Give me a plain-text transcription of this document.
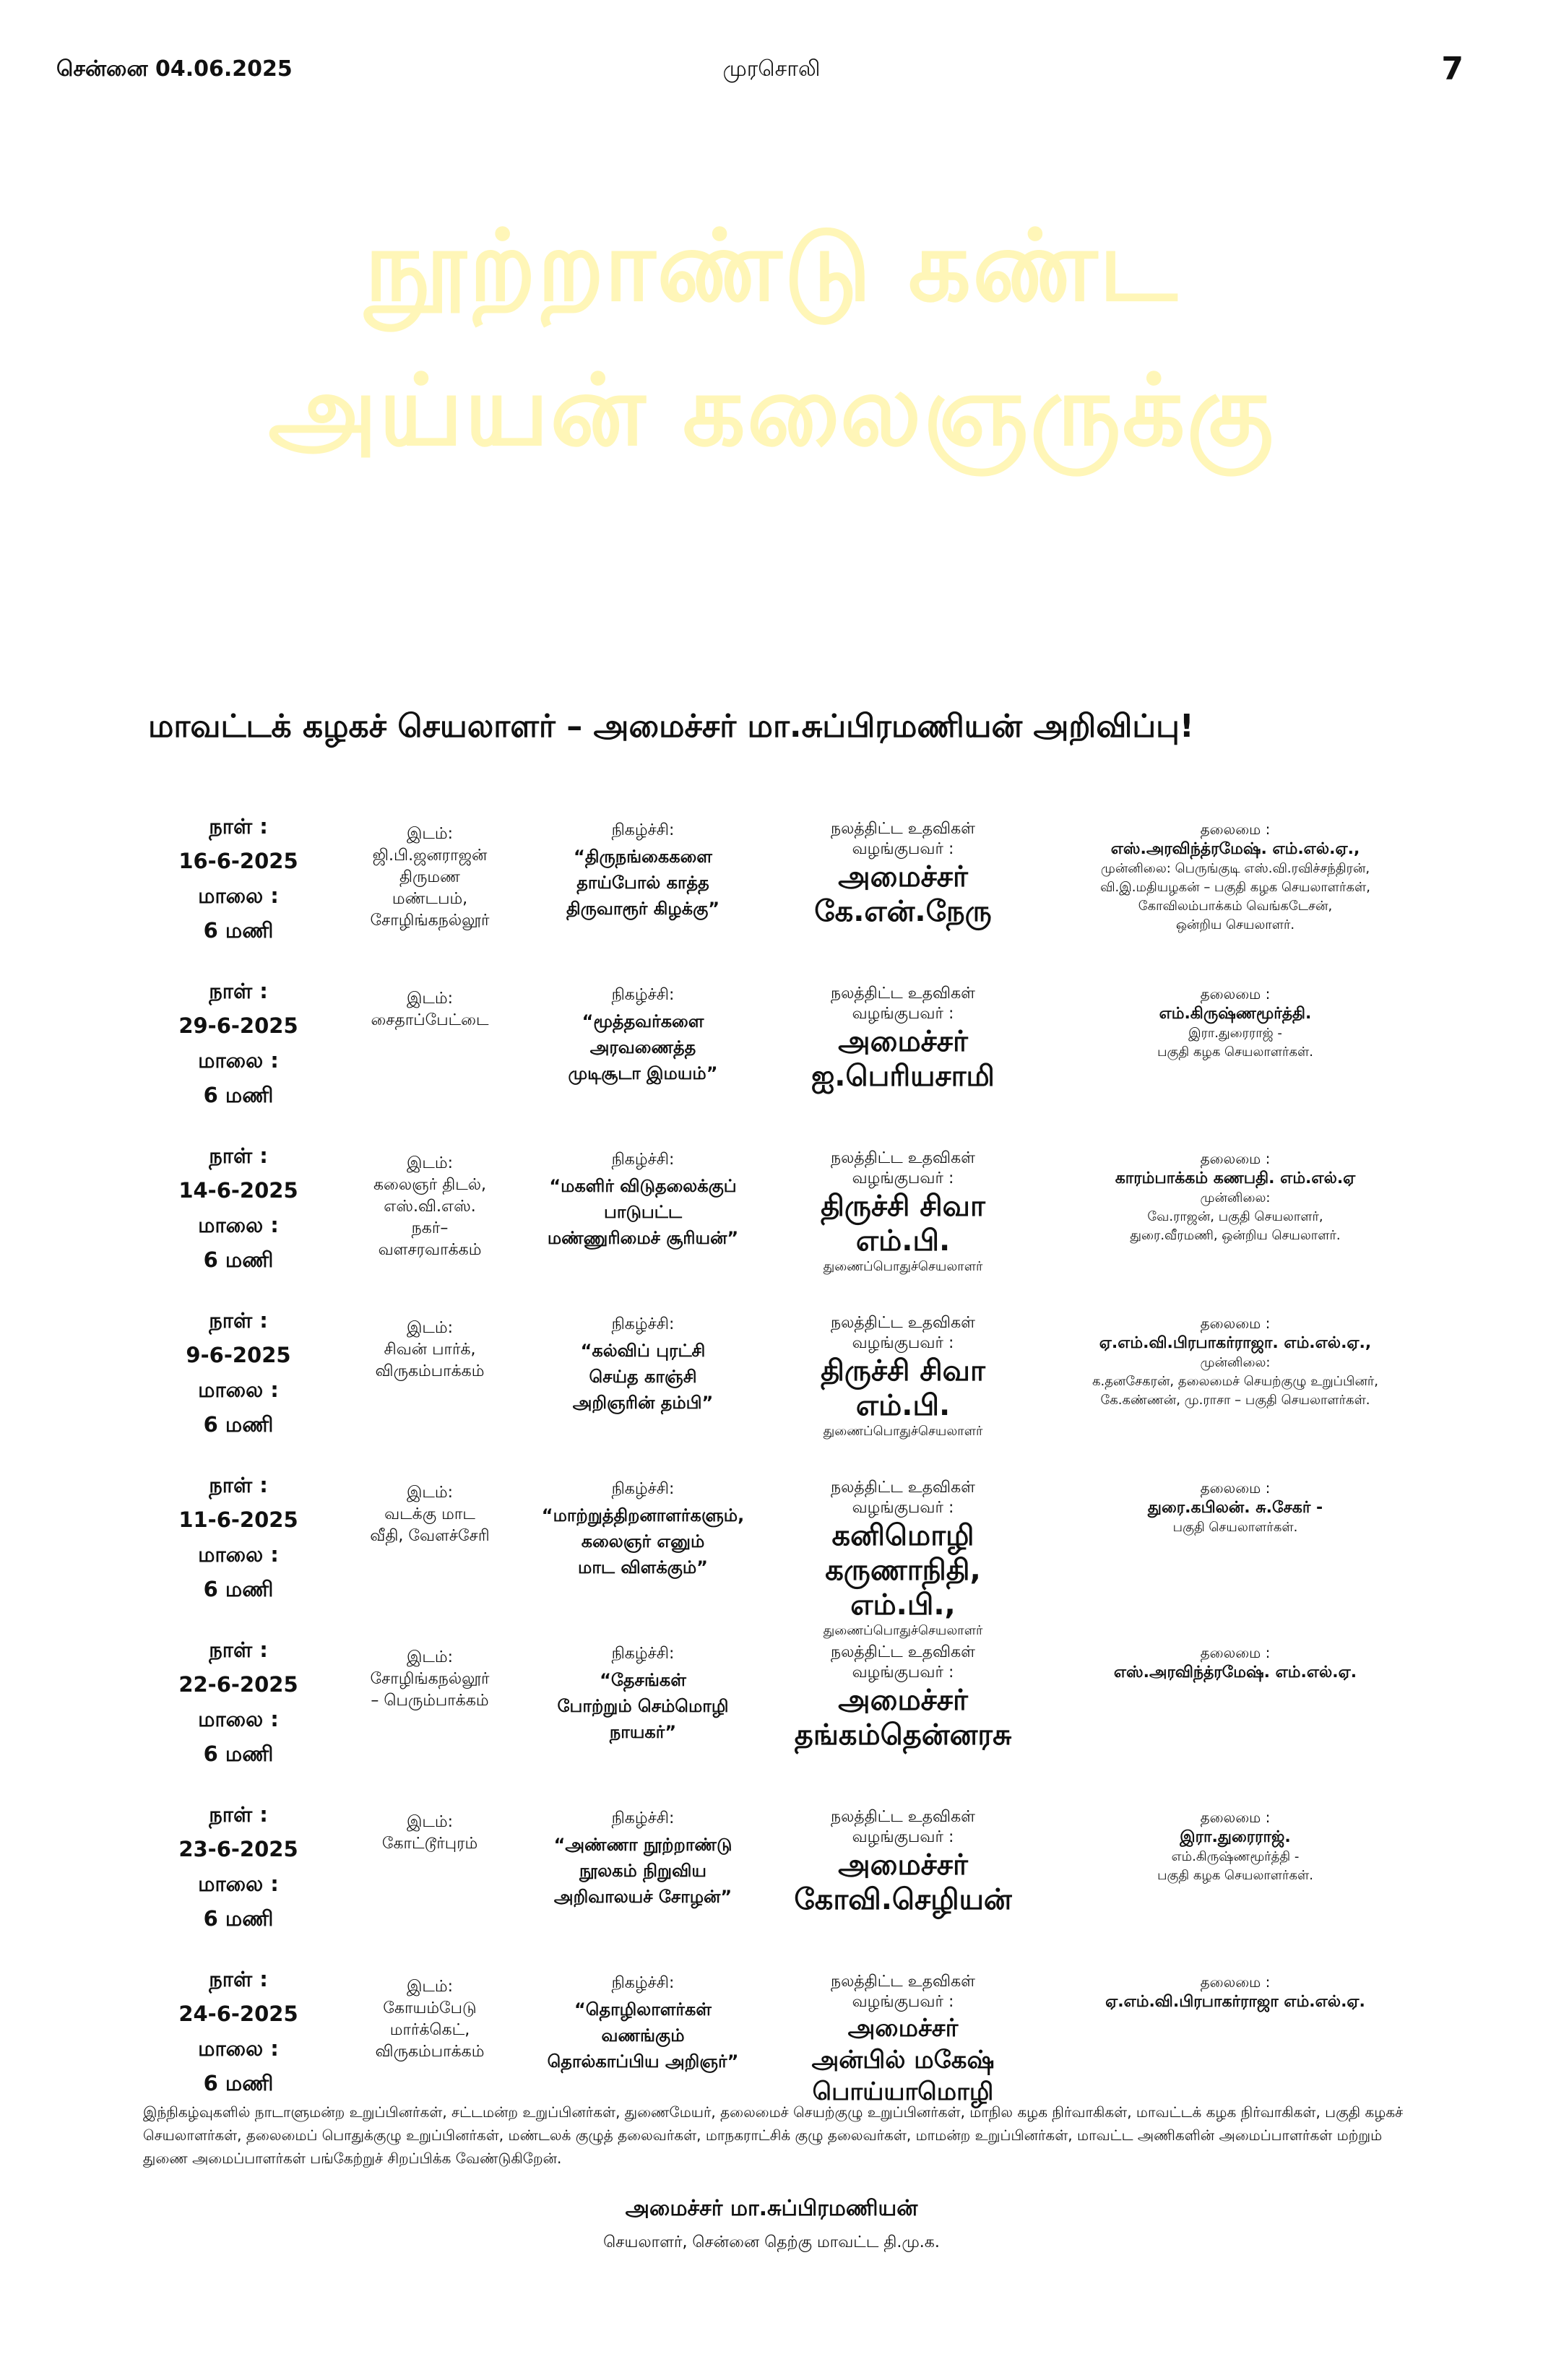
சென்னை 04.06.2025	முரசொலி	7
நூற்றாண்டு கண்ட
அய்யன் கலைஞருக்கு
மாவட்டக் கழகச் செயலாளர் – அமைச்சர் மா.சுப்பிரமணியன் அறிவிப்பு!
நாள் :
16-6-2025
மாலை :
6 மணி
இடம்:
ஜி.பி.ஜனராஜன்
திருமண
மண்டபம்,
சோழிங்கநல்லூர்
நிகழ்ச்சி:
“திருநங்கைகளை
தாய்போல் காத்த
திருவாரூர் கிழக்கு”
நலத்திட்ட உதவிகள்
வழங்குபவர் :
அமைச்சர்
கே.என்.நேரு
தலைமை :
எஸ்.அரவிந்த்ரமேஷ். எம்.எல்.ஏ.,
முன்னிலை: பெருங்குடி எஸ்.வி.ரவிச்சந்திரன்,
வி.இ.மதியழகன் – பகுதி கழக செயலாளர்கள்,
கோவிலம்பாக்கம் வெங்கடேசன்,
ஒன்றிய செயலாளர்.
நாள் :
29-6-2025
மாலை :
6 மணி
இடம்:
சைதாப்பேட்டை
நிகழ்ச்சி:
“மூத்தவர்களை
அரவணைத்த
முடிசூடா இமயம்”
நலத்திட்ட உதவிகள்
வழங்குபவர் :
அமைச்சர்
ஐ.பெரியசாமி
தலைமை :
எம்.கிருஷ்ணமூர்த்தி.
இரா.துரைராஜ் -
பகுதி கழக செயலாளர்கள்.
நாள் :
14-6-2025
மாலை :
6 மணி
இடம்:
கலைஞர் திடல்,
எஸ்.வி.எஸ்.
நகர்–
வளசரவாக்கம்
நிகழ்ச்சி:
“மகளிர் விடுதலைக்குப்
பாடுபட்ட
மண்ணுரிமைச் சூரியன்”
நலத்திட்ட உதவிகள்
வழங்குபவர் :
திருச்சி சிவா எம்.பி.
துணைப்பொதுச்செயலாளர்
தலைமை :
காரம்பாக்கம் கணபதி. எம்.எல்.ஏ
முன்னிலை:
வே.ராஜன், பகுதி செயலாளர்,
துரை.வீரமணி, ஒன்றிய செயலாளர்.
நாள் :
9-6-2025
மாலை :
6 மணி
இடம்:
சிவன் பார்க்,
விருகம்பாக்கம்
நிகழ்ச்சி:
“கல்விப் புரட்சி
செய்த காஞ்சி
அறிஞரின் தம்பி”
நலத்திட்ட உதவிகள்
வழங்குபவர் :
திருச்சி சிவா எம்.பி.
துணைப்பொதுச்செயலாளர்
தலைமை :
ஏ.எம்.வி.பிரபாகர்ராஜா. எம்.எல்.ஏ.,
முன்னிலை:
க.தனசேகரன், தலைமைச் செயற்குழு உறுப்பினர்,
கே.கண்ணன், மு.ராசா – பகுதி செயலாளர்கள்.
நாள் :
11-6-2025
மாலை :
6 மணி
இடம்:
வடக்கு மாட
வீதி, வேளச்சேரி
நிகழ்ச்சி:
“மாற்றுத்திறனாளர்களும்,
கலைஞர் எனும்
மாட விளக்கும்”
நலத்திட்ட உதவிகள்
வழங்குபவர் :
கனிமொழி
கருணாநிதி, எம்.பி.,
துணைப்பொதுச்செயலாளர்
தலைமை :
துரை.கபிலன். சு.சேகர் -
பகுதி செயலாளர்கள்.
நாள் :
22-6-2025
மாலை :
6 மணி
இடம்:
சோழிங்கநல்லூர்
– பெரும்பாக்கம்
நிகழ்ச்சி:
“தேசங்கள்
போற்றும் செம்மொழி
நாயகர்”
நலத்திட்ட உதவிகள்
வழங்குபவர் :
அமைச்சர்
தங்கம்தென்னரசு
தலைமை :
எஸ்.அரவிந்த்ரமேஷ். எம்.எல்.ஏ.
நாள் :
23-6-2025
மாலை :
6 மணி
இடம்:
கோட்டூர்புரம்
நிகழ்ச்சி:
“அண்ணா நூற்றாண்டு
நூலகம் நிறுவிய
அறிவாலயச் சோழன்”
நலத்திட்ட உதவிகள்
வழங்குபவர் :
அமைச்சர்
கோவி.செழியன்
தலைமை :
இரா.துரைராஜ்.
எம்.கிருஷ்ணமூர்த்தி -
பகுதி கழக செயலாளர்கள்.
நாள் :
24-6-2025
மாலை :
6 மணி
இடம்:
கோயம்பேடு
மார்க்கெட்,
விருகம்பாக்கம்
நிகழ்ச்சி:
“தொழிலாளர்கள்
வணங்கும்
தொல்காப்பிய அறிஞர்”
நலத்திட்ட உதவிகள்
வழங்குபவர் :
அமைச்சர்
அன்பில் மகேஷ்
பொய்யாமொழி
தலைமை :
ஏ.எம்.வி.பிரபாகர்ராஜா எம்.எல்.ஏ.
இந்நிகழ்வுகளில் நாடாளுமன்ற உறுப்பினர்கள், சட்டமன்ற உறுப்பினர்கள், துணைமேயர், தலைமைச் செயற்குழு உறுப்பினர்கள், மாநில கழக நிர்வாகிகள், மாவட்டக் கழக நிர்வாகிகள், பகுதி கழகச் செயலாளர்கள், தலைமைப் பொதுக்குழு உறுப்பினர்கள், மண்டலக் குழுத் தலைவர்கள், மாநகராட்சிக் குழு தலைவர்கள், மாமன்ற உறுப்பினர்கள், மாவட்ட அணிகளின் அமைப்பாளர்கள் மற்றும் துணை அமைப்பாளர்கள் பங்கேற்றுச் சிறப்பிக்க வேண்டுகிறேன்.
அமைச்சர் மா.சுப்பிரமணியன்
செயலாளர், சென்னை தெற்கு மாவட்ட தி.மு.க.
